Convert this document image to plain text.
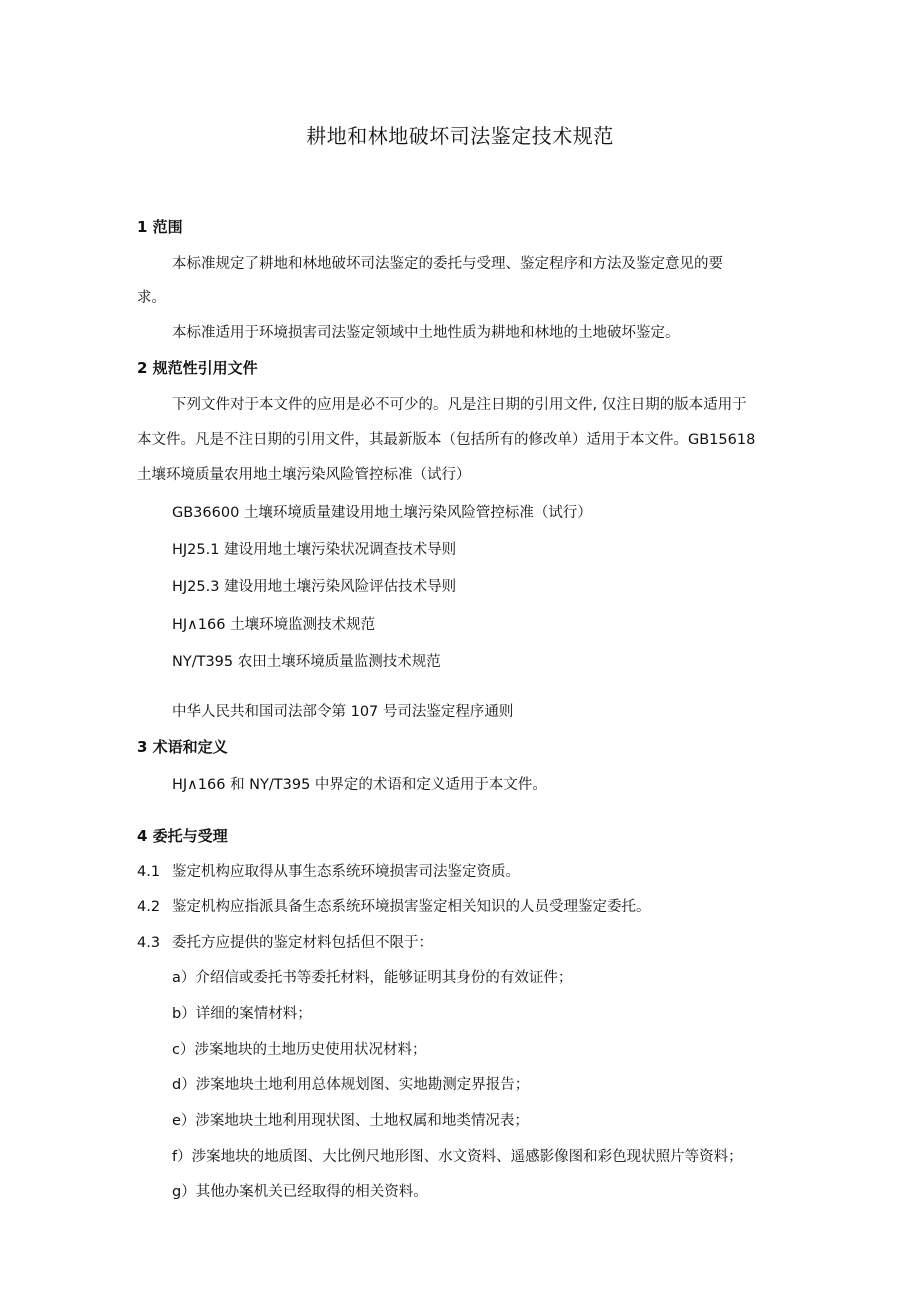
耕地和林地破坏司法鉴定技术规范
1 范围
本标准规定了耕地和林地破坏司法鉴定的委托与受理、鉴定程序和方法及鉴定意见的要
求。
本标准适用于环境损害司法鉴定领域中土地性质为耕地和林地的土地破坏鉴定。
2 规范性引用文件
下列文件对于本文件的应用是必不可少的。凡是注日期的引用文件, 仅注日期的版本适用于
本文件。凡是不注日期的引用文件，其最新版本（包括所有的修改单）适用于本文件。GB15618
土壤环境质量农用地土壤污染风险管控标准（试行）
GB36600 土壤环境质量建设用地土壤污染风险管控标准（试行）
HJ25.1 建设用地土壤污染状况调查技术导则
HJ25.3 建设用地土壤污染风险评估技术导则
HJ∧166 土壤环境监测技术规范
NY/T395 农田土壤环境质量监测技术规范
中华人民共和国司法部令第 107 号司法鉴定程序通则
3 术语和定义
HJ∧166 和 NY/T395 中界定的术语和定义适用于本文件。
4 委托与受理
4.1 鉴定机构应取得从事生态系统环境损害司法鉴定资质。
4.2 鉴定机构应指派具备生态系统环境损害鉴定相关知识的人员受理鉴定委托。
4.3 委托方应提供的鉴定材料包括但不限于：
a）介绍信或委托书等委托材料，能够证明其身份的有效证件；
b）详细的案情材料；
c）涉案地块的土地历史使用状况材料；
d）涉案地块土地利用总体规划图、实地勘测定界报告；
e）涉案地块土地利用现状图、土地权属和地类情况表；
f）涉案地块的地质图、大比例尺地形图、水文资料、遥感影像图和彩色现状照片等资料；
g）其他办案机关已经取得的相关资料。
